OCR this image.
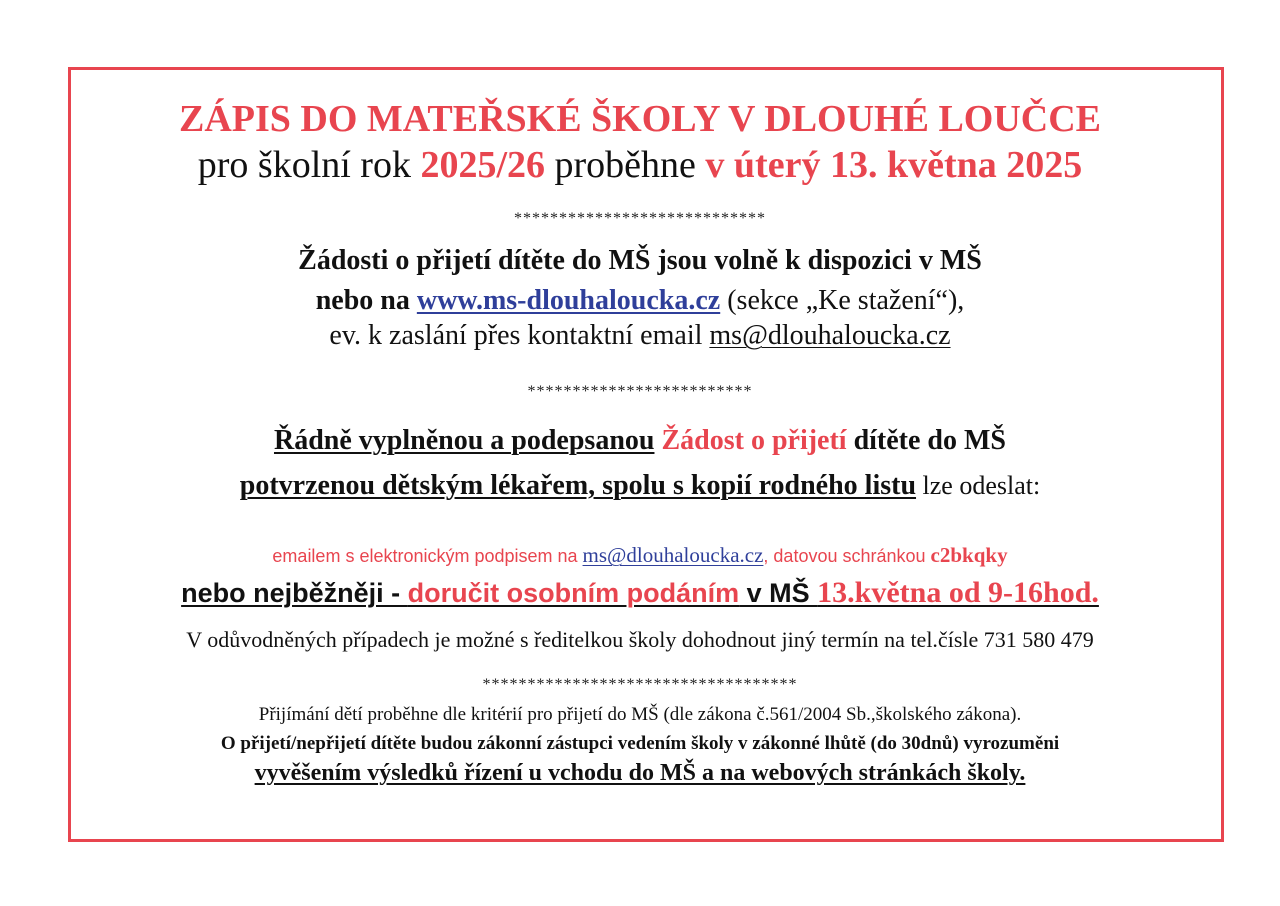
ZÁPIS DO MATEŘSKÉ ŠKOLY V DLOUHÉ LOUČCE
pro školní rok 2025/26 proběhne v úterý 13. května 2025
****************************
Žádosti o přijetí dítěte do MŠ jsou volně k dispozici v MŠ
nebo na www.ms-dlouhaloucka.cz (sekce „Ke stažení“),
ev. k zaslání přes kontaktní email ms@dlouhaloucka.cz
*************************
Řádně vyplněnou a podepsanou Žádost o přijetí dítěte do MŠ
potvrzenou dětským lékařem, spolu s kopií rodného listu lze odeslat:
emailem s elektronickým podpisem na ms@dlouhaloucka.cz, datovou schránkou c2bkqky
nebo nejběžněji - doručit osobním podáním v MŠ 13.května od 9-16hod.
V odůvodněných případech je možné s ředitelkou školy dohodnout jiný termín na tel.čísle 731 580 479
***********************************
Přijímání dětí proběhne dle kritérií pro přijetí do MŠ (dle zákona č.561/2004 Sb.,školského zákona).
O přijetí/nepřijetí dítěte budou zákonní zástupci vedením školy v zákonné lhůtě (do 30dnů) vyrozuměni
vyvěšením výsledků řízení u vchodu do MŠ a na webových stránkách školy.
